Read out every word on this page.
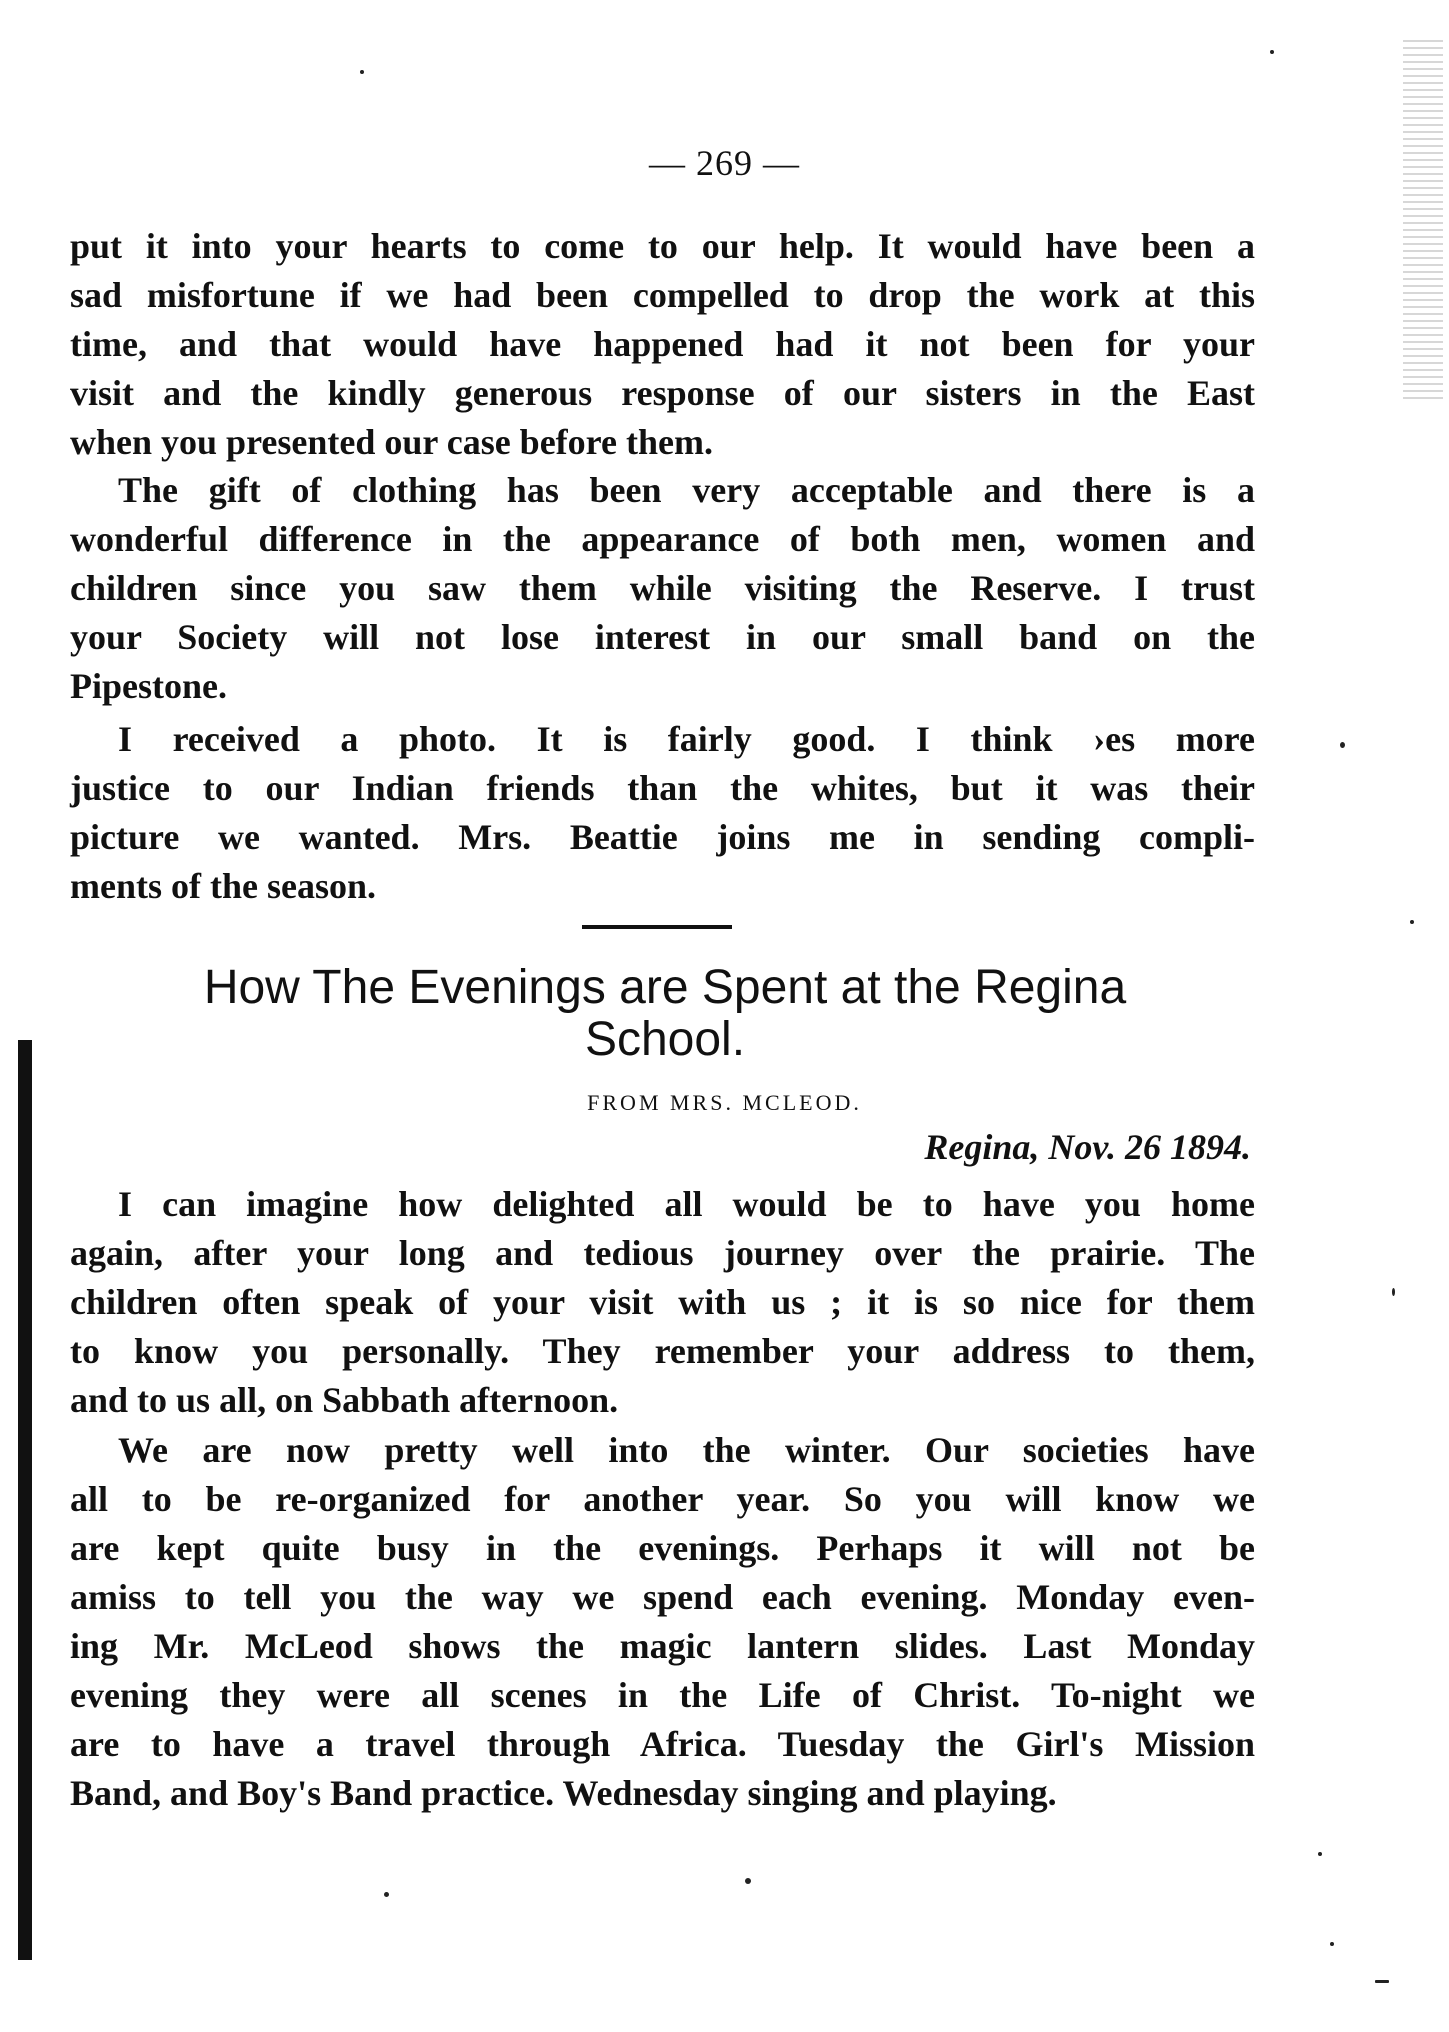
— 269 —

put it into your hearts to come to our help. It would have been a
sad misfortune if we had been compelled to drop the work at this
time, and that would have happened had it not been for your
visit and the kindly generous response of our sisters in the East
when you presented our case before them.

The gift of clothing has been very acceptable and there is a
wonderful difference in the appearance of both men, women and
children since you saw them while visiting the Reserve. I trust
your Society will not lose interest in our small band on the
Pipestone.

I received a photo. It is fairly good. I think ›es more
justice to our Indian friends than the whites, but it was their
picture we wanted. Mrs. Beattie joins me in sending compli-
ments of the season.

How The Evenings are Spent at the Regina
School.
FROM MRS. MCLEOD.
Regina, Nov. 26 1894.

I can imagine how delighted all would be to have you home
again, after your long and tedious journey over the prairie. The
children often speak of your visit with us ; it is so nice for them
to know you personally. They remember your address to them,
and to us all, on Sabbath afternoon.

We are now pretty well into the winter. Our societies have
all to be re-organized for another year. So you will know we
are kept quite busy in the evenings. Perhaps it will not be
amiss to tell you the way we spend each evening. Monday even-
ing Mr. McLeod shows the magic lantern slides. Last Monday
evening they were all scenes in the Life of Christ. To-night we
are to have a travel through Africa. Tuesday the Girl's Mission
Band, and Boy's Band practice. Wednesday singing and playing.
